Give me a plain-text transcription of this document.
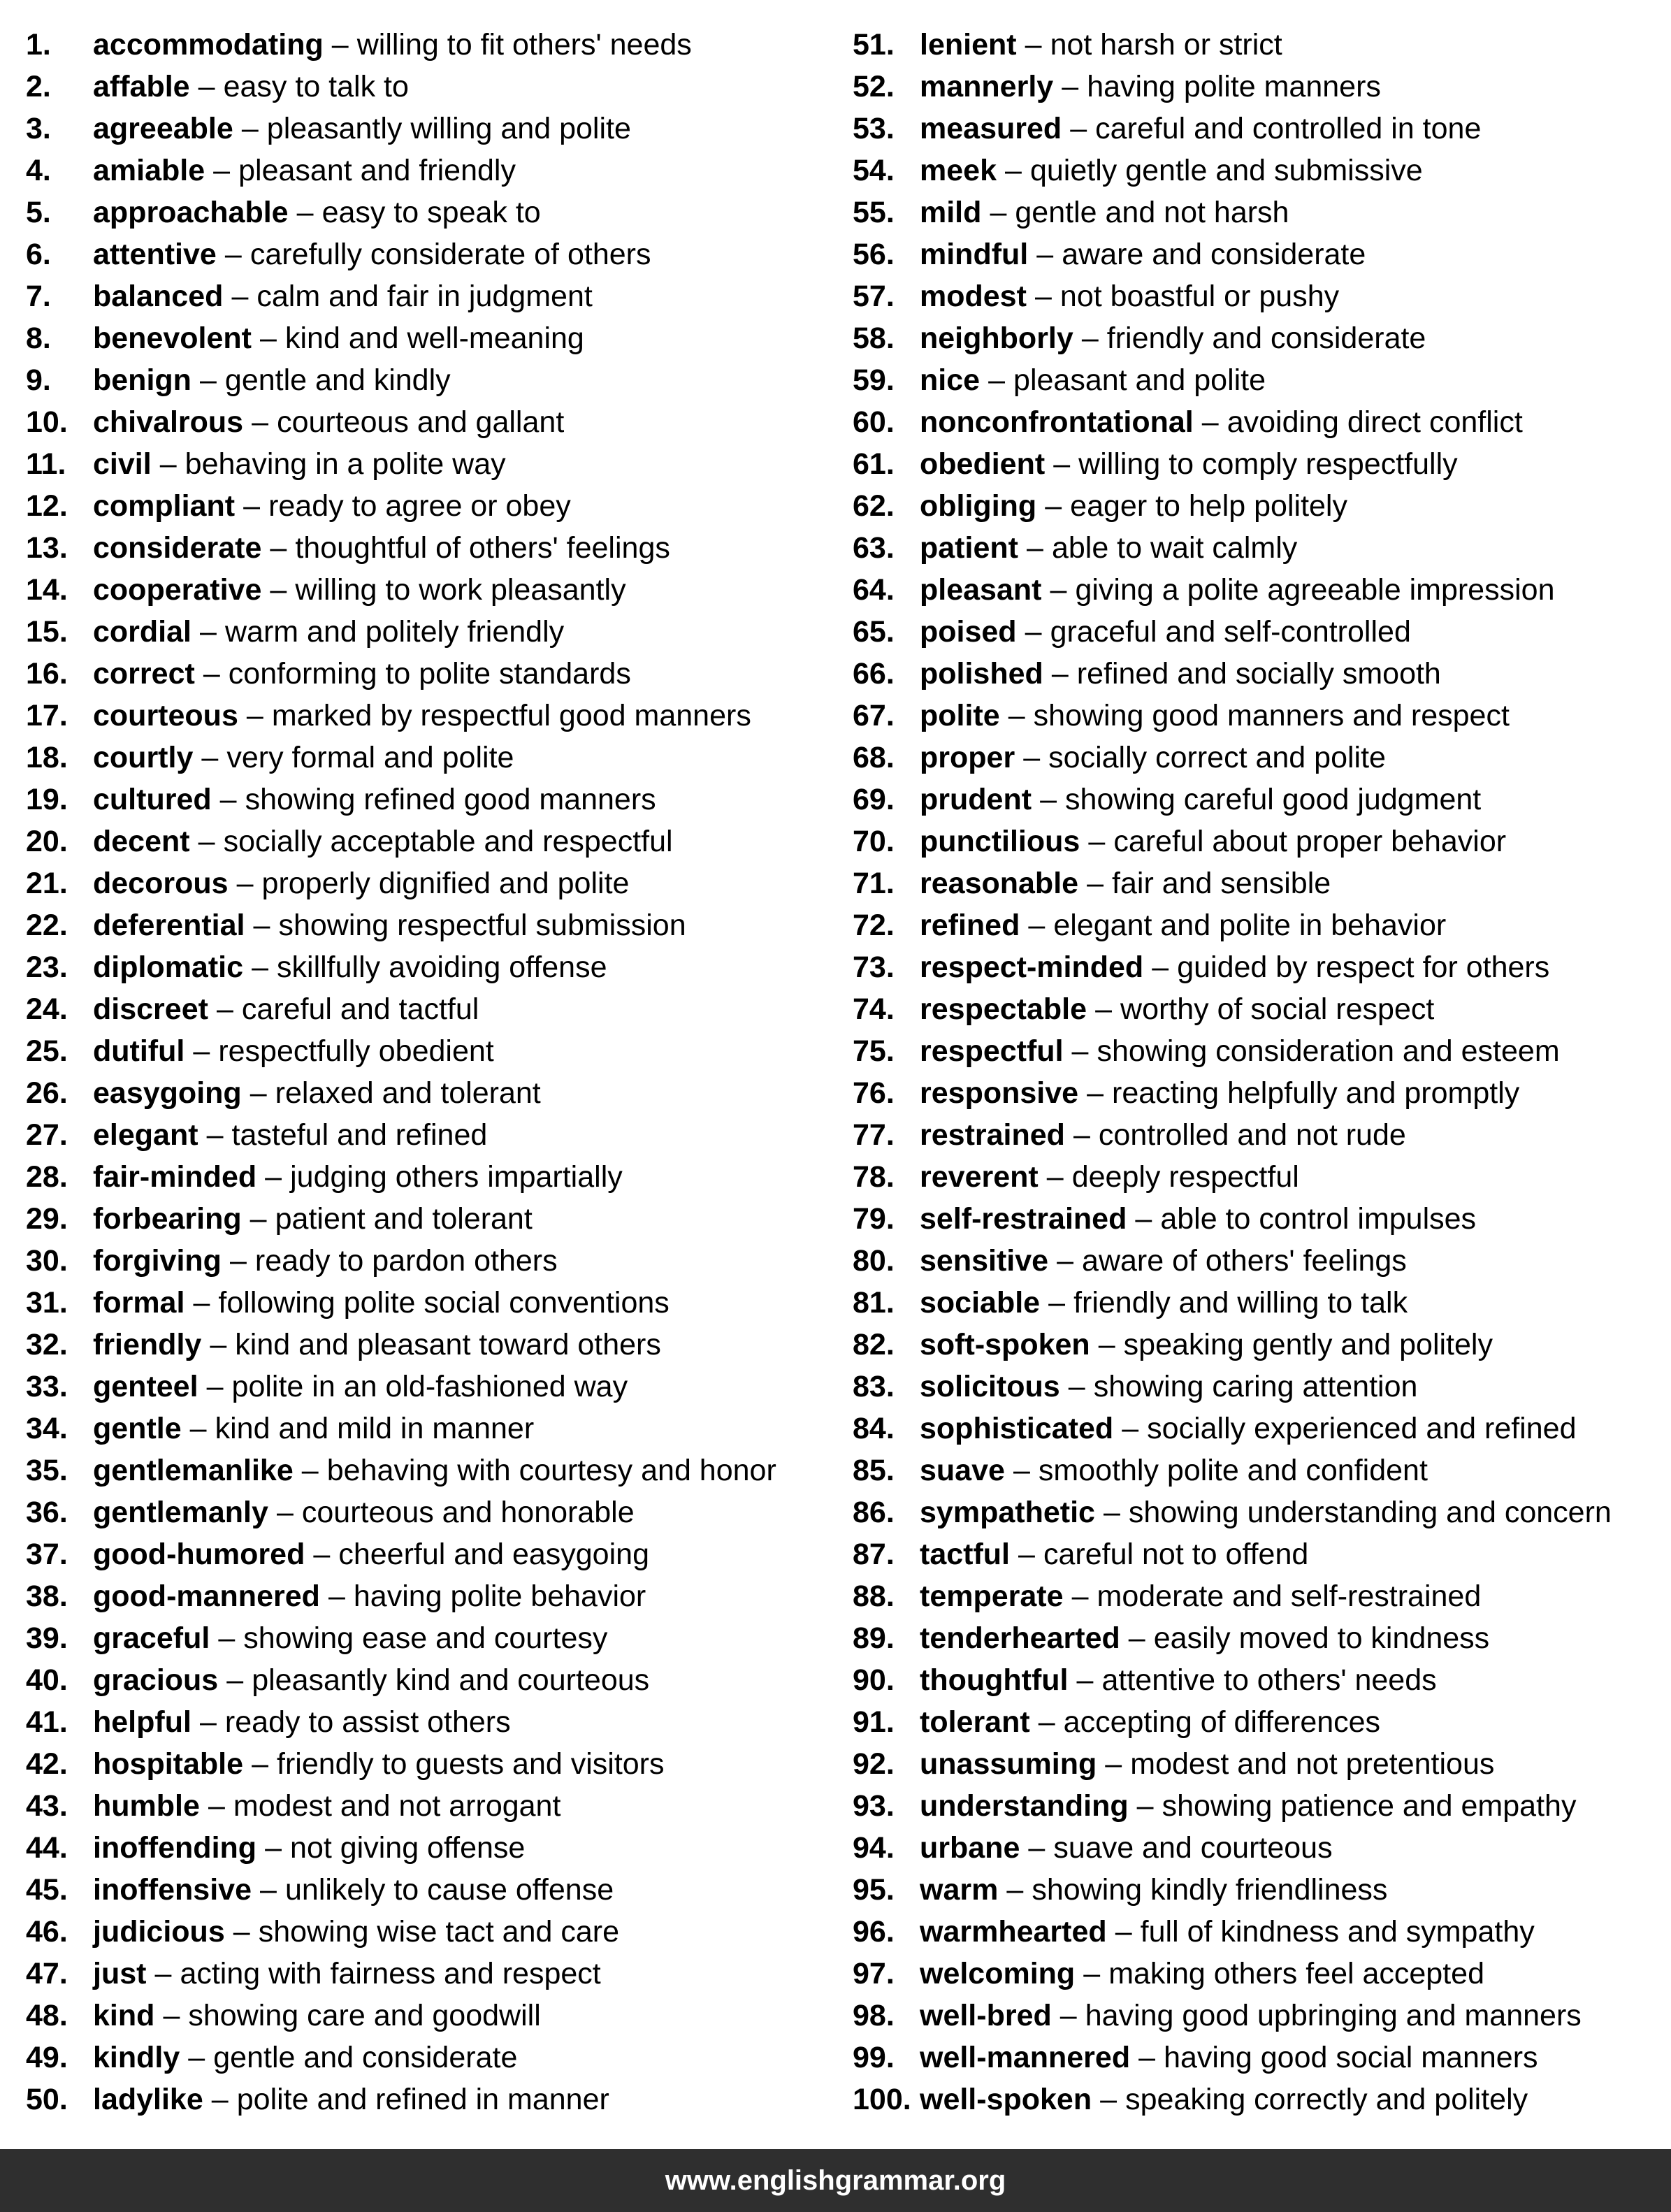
1.	accommodating – willing to fit others' needs
2.	affable – easy to talk to
3.	agreeable – pleasantly willing and polite
4.	amiable – pleasant and friendly
5.	approachable – easy to speak to
6.	attentive – carefully considerate of others
7.	balanced – calm and fair in judgment
8.	benevolent – kind and well-meaning
9.	benign – gentle and kindly
10. chivalrous – courteous and gallant
11. civil – behaving in a polite way
12. compliant – ready to agree or obey
13. considerate – thoughtful of others' feelings
14. cooperative – willing to work pleasantly
15. cordial – warm and politely friendly
16. correct – conforming to polite standards
17. courteous – marked by respectful good manners
18. courtly – very formal and polite
19. cultured – showing refined good manners
20. decent – socially acceptable and respectful
21. decorous – properly dignified and polite
22. deferential – showing respectful submission
23. diplomatic – skillfully avoiding offense
24. discreet – careful and tactful
25. dutiful – respectfully obedient
26. easygoing – relaxed and tolerant
27. elegant – tasteful and refined
28. fair-minded – judging others impartially
29. forbearing – patient and tolerant
30. forgiving – ready to pardon others
31. formal – following polite social conventions
32. friendly – kind and pleasant toward others
33. genteel – polite in an old-fashioned way
34. gentle – kind and mild in manner
35. gentlemanlike – behaving with courtesy and honor
36. gentlemanly – courteous and honorable
37. good-humored – cheerful and easygoing
38. good-mannered – having polite behavior
39. graceful – showing ease and courtesy
40. gracious – pleasantly kind and courteous
41. helpful – ready to assist others
42. hospitable – friendly to guests and visitors
43. humble – modest and not arrogant
44. inoffending – not giving offense
45. inoffensive – unlikely to cause offense
46. judicious – showing wise tact and care
47. just – acting with fairness and respect
48. kind – showing care and goodwill
49. kindly – gentle and considerate
50. ladylike – polite and refined in manner
51. lenient – not harsh or strict
52. mannerly – having polite manners
53. measured – careful and controlled in tone
54. meek – quietly gentle and submissive
55. mild – gentle and not harsh
56. mindful – aware and considerate
57. modest – not boastful or pushy
58. neighborly – friendly and considerate
59. nice – pleasant and polite
60. nonconfrontational – avoiding direct conflict
61. obedient – willing to comply respectfully
62. obliging – eager to help politely
63. patient – able to wait calmly
64. pleasant – giving a polite agreeable impression
65. poised – graceful and self-controlled
66. polished – refined and socially smooth
67. polite – showing good manners and respect
68. proper – socially correct and polite
69. prudent – showing careful good judgment
70. punctilious – careful about proper behavior
71. reasonable – fair and sensible
72. refined – elegant and polite in behavior
73. respect-minded – guided by respect for others
74. respectable – worthy of social respect
75. respectful – showing consideration and esteem
76. responsive – reacting helpfully and promptly
77. restrained – controlled and not rude
78. reverent – deeply respectful
79. self-restrained – able to control impulses
80. sensitive – aware of others' feelings
81. sociable – friendly and willing to talk
82. soft-spoken – speaking gently and politely
83. solicitous – showing caring attention
84. sophisticated – socially experienced and refined
85. suave – smoothly polite and confident
86. sympathetic – showing understanding and concern
87. tactful – careful not to offend
88. temperate – moderate and self-restrained
89. tenderhearted – easily moved to kindness
90. thoughtful – attentive to others' needs
91. tolerant – accepting of differences
92. unassuming – modest and not pretentious
93. understanding – showing patience and empathy
94. urbane – suave and courteous
95. warm – showing kindly friendliness
96. warmhearted – full of kindness and sympathy
97. welcoming – making others feel accepted
98. well-bred – having good upbringing and manners
99. well-mannered – having good social manners
100. well-spoken – speaking correctly and politely
www.englishgrammar.org
